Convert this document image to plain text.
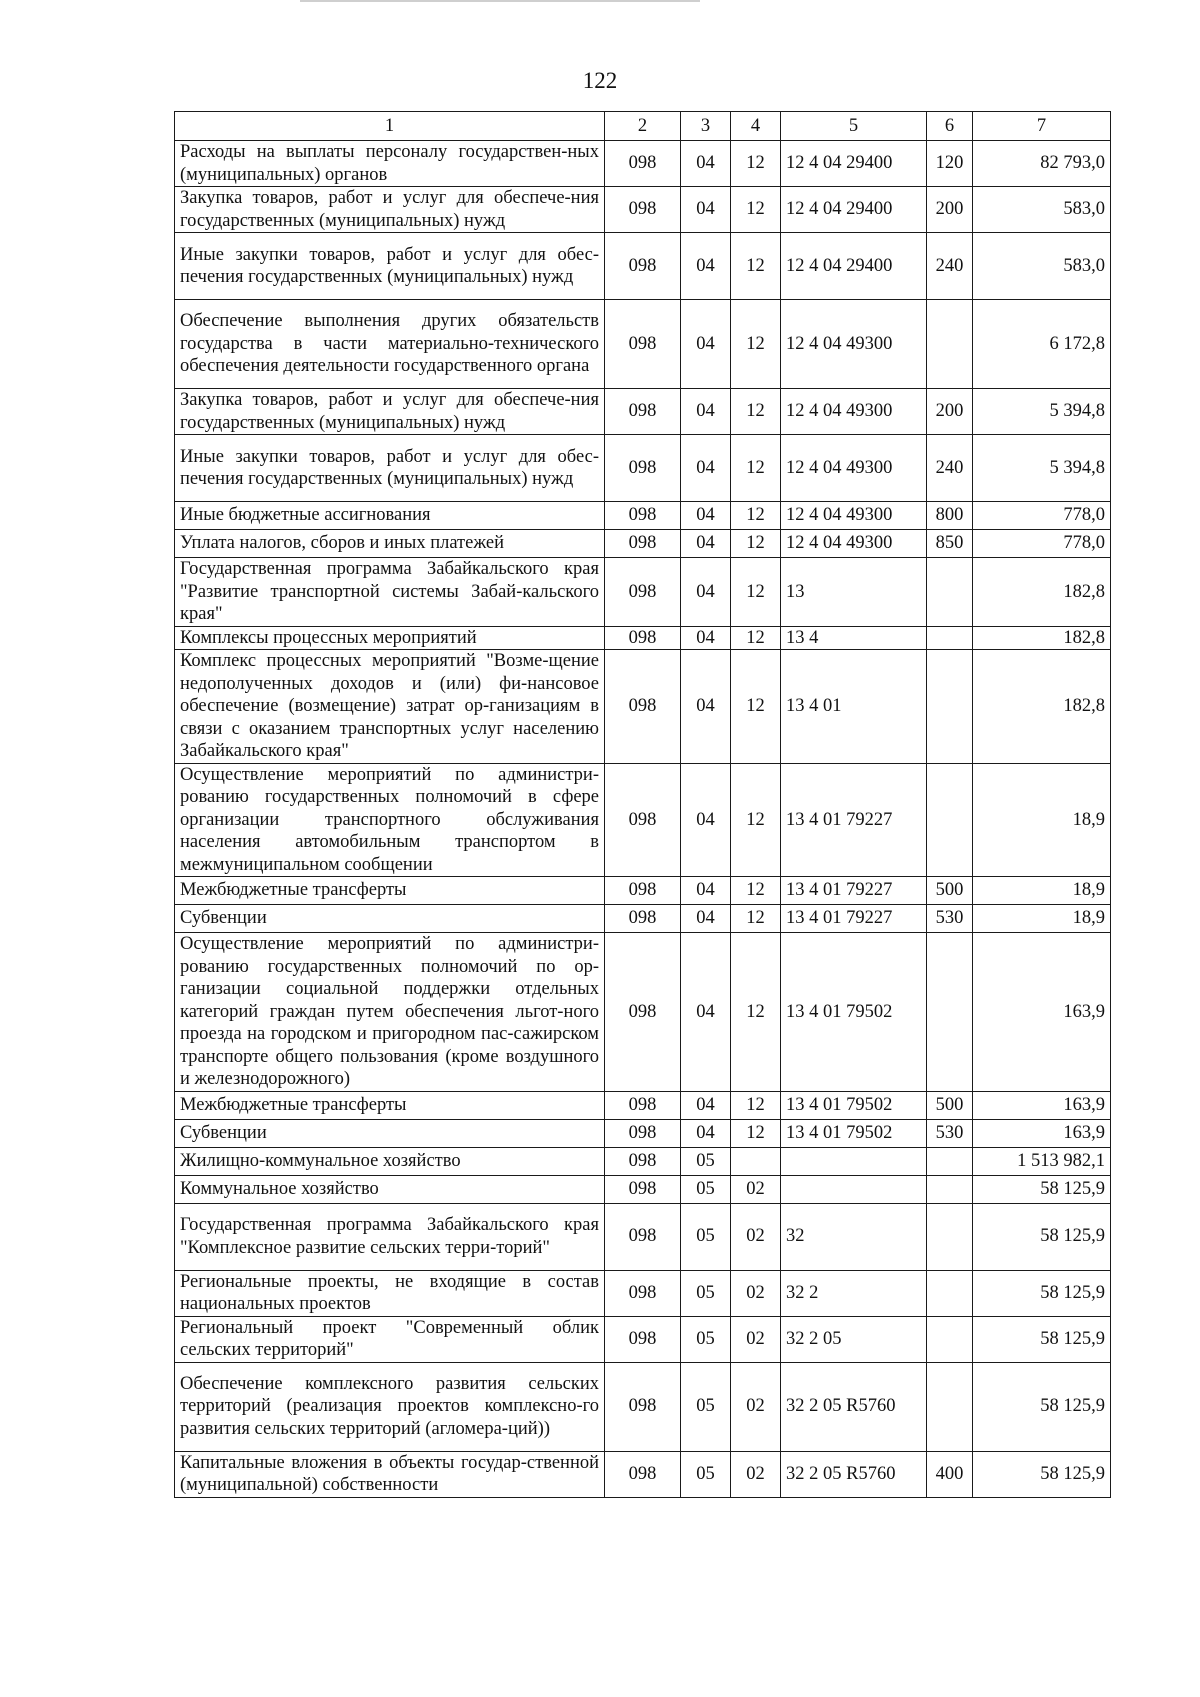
122
1	2	3	4	5	6	7
Расходы на выплаты персоналу государствен-ных (муниципальных) органов	098	04	12	12 4 04 29400	120	82 793,0
Закупка товаров, работ и услуг для обеспече-ния государственных (муниципальных) нужд	098	04	12	12 4 04 29400	200	583,0
Иные закупки товаров, работ и услуг для обес-печения государственных (муниципальных) нужд	098	04	12	12 4 04 29400	240	583,0
Обеспечение выполнения других обязательств государства в части материально-технического обеспечения деятельности государственного органа	098	04	12	12 4 04 49300		6 172,8
Закупка товаров, работ и услуг для обеспече-ния государственных (муниципальных) нужд	098	04	12	12 4 04 49300	200	5 394,8
Иные закупки товаров, работ и услуг для обес-печения государственных (муниципальных) нужд	098	04	12	12 4 04 49300	240	5 394,8
Иные бюджетные ассигнования	098	04	12	12 4 04 49300	800	778,0
Уплата налогов, сборов и иных платежей	098	04	12	12 4 04 49300	850	778,0
Государственная программа Забайкальского края "Развитие транспортной системы Забай-кальского края"	098	04	12	13		182,8
Комплексы процессных мероприятий	098	04	12	13 4		182,8
Комплекс процессных мероприятий "Возме-щение недополученных доходов и (или) фи-нансовое обеспечение (возмещение) затрат ор-ганизациям в связи с оказанием транспортных услуг населению Забайкальского края"	098	04	12	13 4 01		182,8
Осуществление мероприятий по администри-рованию государственных полномочий в сфере организации транспортного обслуживания населения автомобильным транспортом в межмуниципальном сообщении	098	04	12	13 4 01 79227		18,9
Межбюджетные трансферты	098	04	12	13 4 01 79227	500	18,9
Субвенции	098	04	12	13 4 01 79227	530	18,9
Осуществление мероприятий по администри-рованию государственных полномочий по ор-ганизации социальной поддержки отдельных категорий граждан путем обеспечения льгот-ного проезда на городском и пригородном пас-сажирском транспорте общего пользования (кроме воздушного и железнодорожного)	098	04	12	13 4 01 79502		163,9
Межбюджетные трансферты	098	04	12	13 4 01 79502	500	163,9
Субвенции	098	04	12	13 4 01 79502	530	163,9
Жилищно-коммунальное хозяйство	098	05				1 513 982,1
Коммунальное хозяйство	098	05	02			58 125,9
Государственная программа Забайкальского края "Комплексное развитие сельских терри-торий"	098	05	02	32		58 125,9
Региональные проекты, не входящие в состав национальных проектов	098	05	02	32 2		58 125,9
Региональный проект "Современный облик сельских территорий"	098	05	02	32 2 05		58 125,9
Обеспечение комплексного развития сельских территорий (реализация проектов комплексно-го развития сельских территорий (агломера-ций))	098	05	02	32 2 05 R5760		58 125,9
Капитальные вложения в объекты государ-ственной (муниципальной) собственности	098	05	02	32 2 05 R5760	400	58 125,9
